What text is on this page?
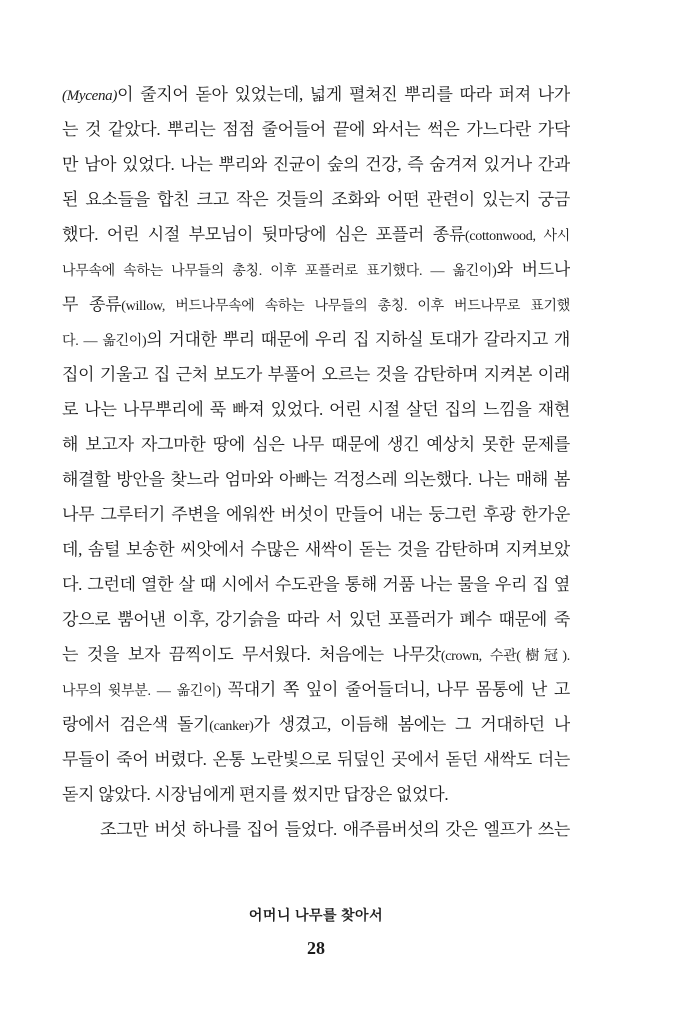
(Mycena)이 줄지어 돋아 있었는데, 넓게 펼쳐진 뿌리를 따라 퍼져 나가
는 것 같았다. 뿌리는 점점 줄어들어 끝에 와서는 썩은 가느다란 가닥
만 남아 있었다. 나는 뿌리와 진균이 숲의 건강, 즉 숨겨져 있거나 간과
된 요소들을 합친 크고 작은 것들의 조화와 어떤 관련이 있는지 궁금
했다. 어린 시절 부모님이 뒷마당에 심은 포플러 종류(cottonwood, 사시
나무속에 속하는 나무들의 총칭. 이후 포플러로 표기했다. — 옮긴이)와 버드나
무 종류(willow, 버드나무속에 속하는 나무들의 총칭. 이후 버드나무로 표기했
다. — 옮긴이)의 거대한 뿌리 때문에 우리 집 지하실 토대가 갈라지고 개
집이 기울고 집 근처 보도가 부풀어 오르는 것을 감탄하며 지켜본 이래
로 나는 나무뿌리에 푹 빠져 있었다. 어린 시절 살던 집의 느낌을 재현
해 보고자 자그마한 땅에 심은 나무 때문에 생긴 예상치 못한 문제를
해결할 방안을 찾느라 엄마와 아빠는 걱정스레 의논했다. 나는 매해 봄
나무 그루터기 주변을 에워싼 버섯이 만들어 내는 둥그런 후광 한가운
데, 솜털 보송한 씨앗에서 수많은 새싹이 돋는 것을 감탄하며 지켜보았
다. 그런데 열한 살 때 시에서 수도관을 통해 거품 나는 물을 우리 집 옆
강으로 뿜어낸 이후, 강기슭을 따라 서 있던 포플러가 폐수 때문에 죽
는 것을 보자 끔찍이도 무서웠다. 처음에는 나무갓(crown, 수관(樹冠).
나무의 윗부분. — 옮긴이) 꼭대기 쪽 잎이 줄어들더니, 나무 몸통에 난 고
랑에서 검은색 돌기(canker)가 생겼고, 이듬해 봄에는 그 거대하던 나
무들이 죽어 버렸다. 온통 노란빛으로 뒤덮인 곳에서 돋던 새싹도 더는
돋지 않았다. 시장님에게 편지를 썼지만 답장은 없었다.
조그만 버섯 하나를 집어 들었다. 애주름버섯의 갓은 엘프가 쓰는
어머니 나무를 찾아서
28
